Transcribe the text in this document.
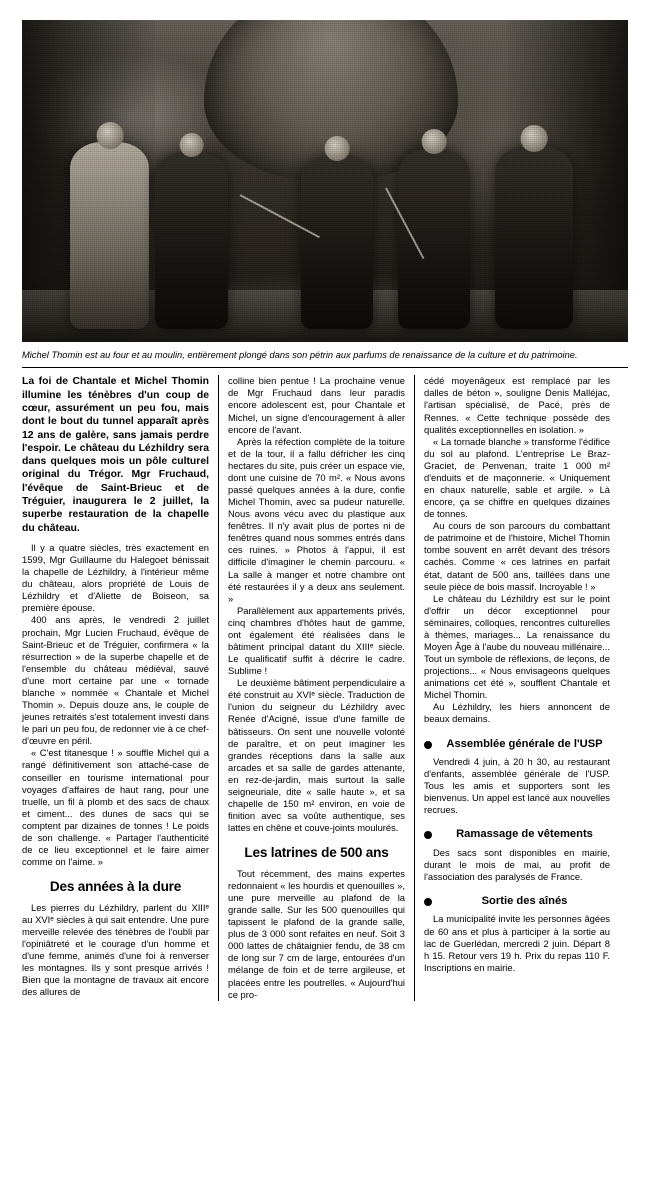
Michel Thomin est au four et au moulin, entièrement plongé dans son pétrin aux parfums de renaissance de la culture et du patrimoine.

La foi de Chantale et Michel Thomin illumine les ténèbres d'un coup de cœur, assurément un peu fou, mais dont le bout du tunnel apparaît après 12 ans de galère, sans jamais perdre l'espoir. Le château du Lézhildry sera dans quelques mois un pôle culturel original du Trégor. Mgr Fruchaud, l'évêque de Saint-Brieuc et de Tréguier, inaugurera le 2 juillet, la superbe restauration de la chapelle du château.

Il y a quatre siècles, très exactement en 1599, Mgr Guillaume du Halegoet bénissait la chapelle de Lézhildry, à l'intérieur même du château, alors propriété de Louis de Lézhildry et d'Aliette de Boiseon, sa première épouse.

400 ans après, le vendredi 2 juillet prochain, Mgr Lucien Fruchaud, évêque de Saint-Brieuc et de Tréguier, confirmera « la résurrection » de la superbe chapelle et de l'ensemble du château médiéval, sauvé d'une mort certaine par une « tornade blanche » nommée « Chantale et Michel Thomin ». Depuis douze ans, le couple de jeunes retraités s'est totalement investi dans le pari un peu fou, de redonner vie à ce chef-d'œuvre en péril.

« C'est titanesque ! » souffle Michel qui a rangé définitivement son attaché-case de conseiller en tourisme international pour voyages d'affaires de haut rang, pour une truelle, un fil à plomb et des sacs de chaux et ciment... des dunes de sacs qui se comptent par dizaines de tonnes ! Le poids de son challenge. « Partager l'authenticité de ce lieu exceptionnel et le faire aimer comme on l'aime. »

Des années à la dure

Les pierres du Lézhildry, parlent du XIIIᵉ au XVIᵉ siècles à qui sait entendre. Une pure merveille relevée des ténèbres de l'oubli par l'opiniâtreté et le courage d'un homme et d'une femme, animés d'une foi à renverser les montagnes. Ils y sont presque arrivés ! Bien que la montagne de travaux ait encore des allures de

colline bien pentue ! La prochaine venue de Mgr Fruchaud dans leur paradis encore adolescent est, pour Chantale et Michel, un signe d'encouragement à aller encore de l'avant.

Après la réfection complète de la toiture et de la tour, il a fallu défricher les cinq hectares du site, puis créer un espace vie, dont une cuisine de 70 m². « Nous avons passé quelques années à la dure, confie Michel Thomin, avec sa pudeur naturelle. Nous avons vécu avec du plastique aux fenêtres. Il n'y avait plus de portes ni de fenêtres quand nous sommes entrés dans ces ruines. » Photos à l'appui, il est difficile d'imaginer le chemin parcouru. « La salle à manger et notre chambre ont été restaurées il y a deux ans seulement. »

Parallèlement aux appartements privés, cinq chambres d'hôtes haut de gamme, ont également été réalisées dans le bâtiment principal datant du XIIIᵉ siècle. Le qualificatif suffit à décrire le cadre. Sublime !

Le deuxième bâtiment perpendiculaire a été construit au XVIᵉ siècle. Traduction de l'union du seigneur du Lézhildry avec Renée d'Acigné, issue d'une famille de bâtisseurs. On sent une nouvelle volonté de paraître, et on peut imaginer les grandes réceptions dans la salle aux arcades et sa salle de gardes attenante, en rez-de-jardin, mais surtout la salle seigneuriale, dite « salle haute », et sa chapelle de 150 m² environ, en voie de finition avec sa voûte authentique, ses lattes en chêne et couve-joints moulurés.

Les latrines de 500 ans

Tout récemment, des mains expertes redonnaient « les hourdis et quenouilles », une pure merveille au plafond de la grande salle. Sur les 500 quenouilles qui tapissent le plafond de la grande salle, plus de 3 000 sont refaites en neuf. Soit 3 000 lattes de châtaignier fendu, de 38 cm de long sur 7 cm de large, entourées d'un mélange de foin et de terre argileuse, et placées entre les poutrelles. « Aujourd'hui ce pro-

cédé moyenâgeux est remplacé par les dalles de béton », souligne Denis Malléjac, l'artisan spécialisé, de Pacé, près de Rennes. « Cette technique possède des qualités exceptionnelles en isolation. »

« La tornade blanche » transforme l'édifice du sol au plafond. L'entreprise Le Braz-Graciet, de Penvenan, traite 1 000 m² d'enduits et de maçonnerie. « Uniquement en chaux naturelle, sable et argile. » Là encore, ça se chiffre en quelques dizaines de tonnes.

Au cours de son parcours du combattant de patrimoine et de l'histoire, Michel Thomin tombe souvent en arrêt devant des trésors cachés. Comme « ces latrines en parfait état, datant de 500 ans, taillées dans une seule pièce de bois massif. Incroyable ! »

Le château du Lézhildry est sur le point d'offrir un décor exceptionnel pour séminaires, colloques, rencontres culturelles à thèmes, mariages... La renaissance du Moyen Âge à l'aube du nouveau millénaire... Tout un symbole de réflexions, de leçons, de projections... « Nous envisageons quelques animations cet été », soufflent Chantale et Michel Thomin.

Au Lézhildry, les hiers annoncent de beaux demains.

Assemblée générale de l'USP

Vendredi 4 juin, à 20 h 30, au restaurant d'enfants, assemblée générale de l'USP. Tous les amis et supporters sont les bienvenus. Un appel est lancé aux nouvelles recrues.

Ramassage de vêtements

Des sacs sont disponibles en mairie, durant le mois de mai, au profit de l'association des paralysés de France.

Sortie des aînés

La municipalité invite les personnes âgées de 60 ans et plus à participer à la sortie au lac de Guerlédan, mercredi 2 juin. Départ 8 h 15. Retour vers 19 h. Prix du repas 110 F. Inscriptions en mairie.
